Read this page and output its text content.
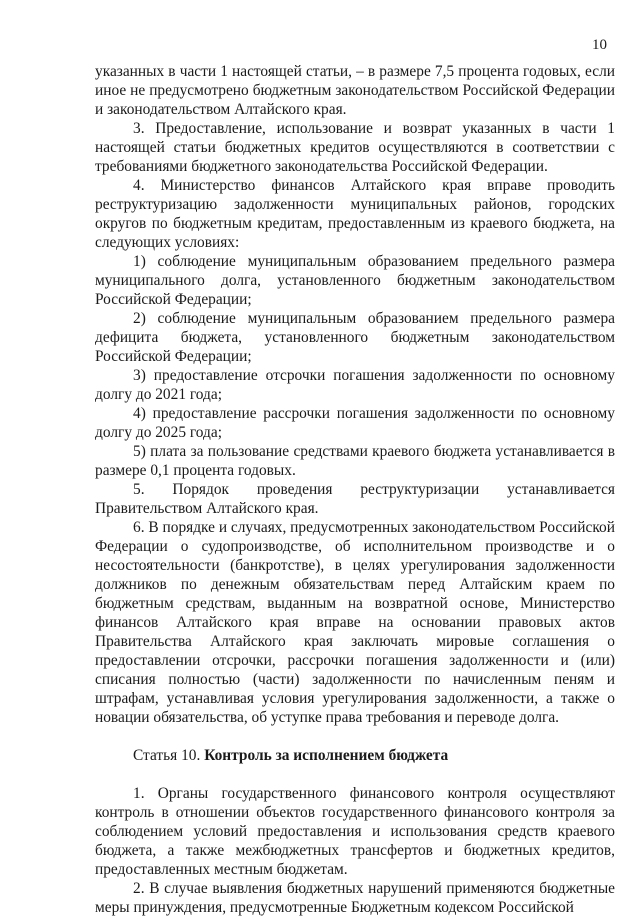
10

указанных в части 1 настоящей статьи, – в размере 7,5 процента годовых, если иное не предусмотрено бюджетным законодательством Российской Федерации и законодательством Алтайского края.

3. Предоставление, использование и возврат указанных в части 1 настоящей статьи бюджетных кредитов осуществляются в соответствии с требованиями бюджетного законодательства Российской Федерации.

4. Министерство финансов Алтайского края вправе проводить реструктуризацию задолженности муниципальных районов, городских округов по бюджетным кредитам, предоставленным из краевого бюджета, на следующих условиях:

1) соблюдение муниципальным образованием предельного размера муниципального долга, установленного бюджетным законодательством Российской Федерации;

2) соблюдение муниципальным образованием предельного размера дефицита бюджета, установленного бюджетным законодательством Российской Федерации;

3) предоставление отсрочки погашения задолженности по основному долгу до 2021 года;

4) предоставление рассрочки погашения задолженности по основному долгу до 2025 года;

5) плата за пользование средствами краевого бюджета устанавливается в размере 0,1 процента годовых.

5. Порядок проведения реструктуризации устанавливается Правительством Алтайского края.

6. В порядке и случаях, предусмотренных законодательством Российской Федерации о судопроизводстве, об исполнительном производстве и о несостоятельности (банкротстве), в целях урегулирования задолженности должников по денежным обязательствам перед Алтайским краем по бюджетным средствам, выданным на возвратной основе, Министерство финансов Алтайского края вправе на основании правовых актов Правительства Алтайского края заключать мировые соглашения о предоставлении отсрочки, рассрочки погашения задолженности и (или) списания полностью (части) задолженности по начисленным пеням и штрафам, устанавливая условия урегулирования задолженности, а также о новации обязательства, об уступке права требования и переводе долга.

Статья 10. Контроль за исполнением бюджета

1. Органы государственного финансового контроля осуществляют контроль в отношении объектов государственного финансового контроля за соблюдением условий предоставления и использования средств краевого бюджета, а также межбюджетных трансфертов и бюджетных кредитов, предоставленных местным бюджетам.

2. В случае выявления бюджетных нарушений применяются бюджетные меры принуждения, предусмотренные Бюджетным кодексом Российской
